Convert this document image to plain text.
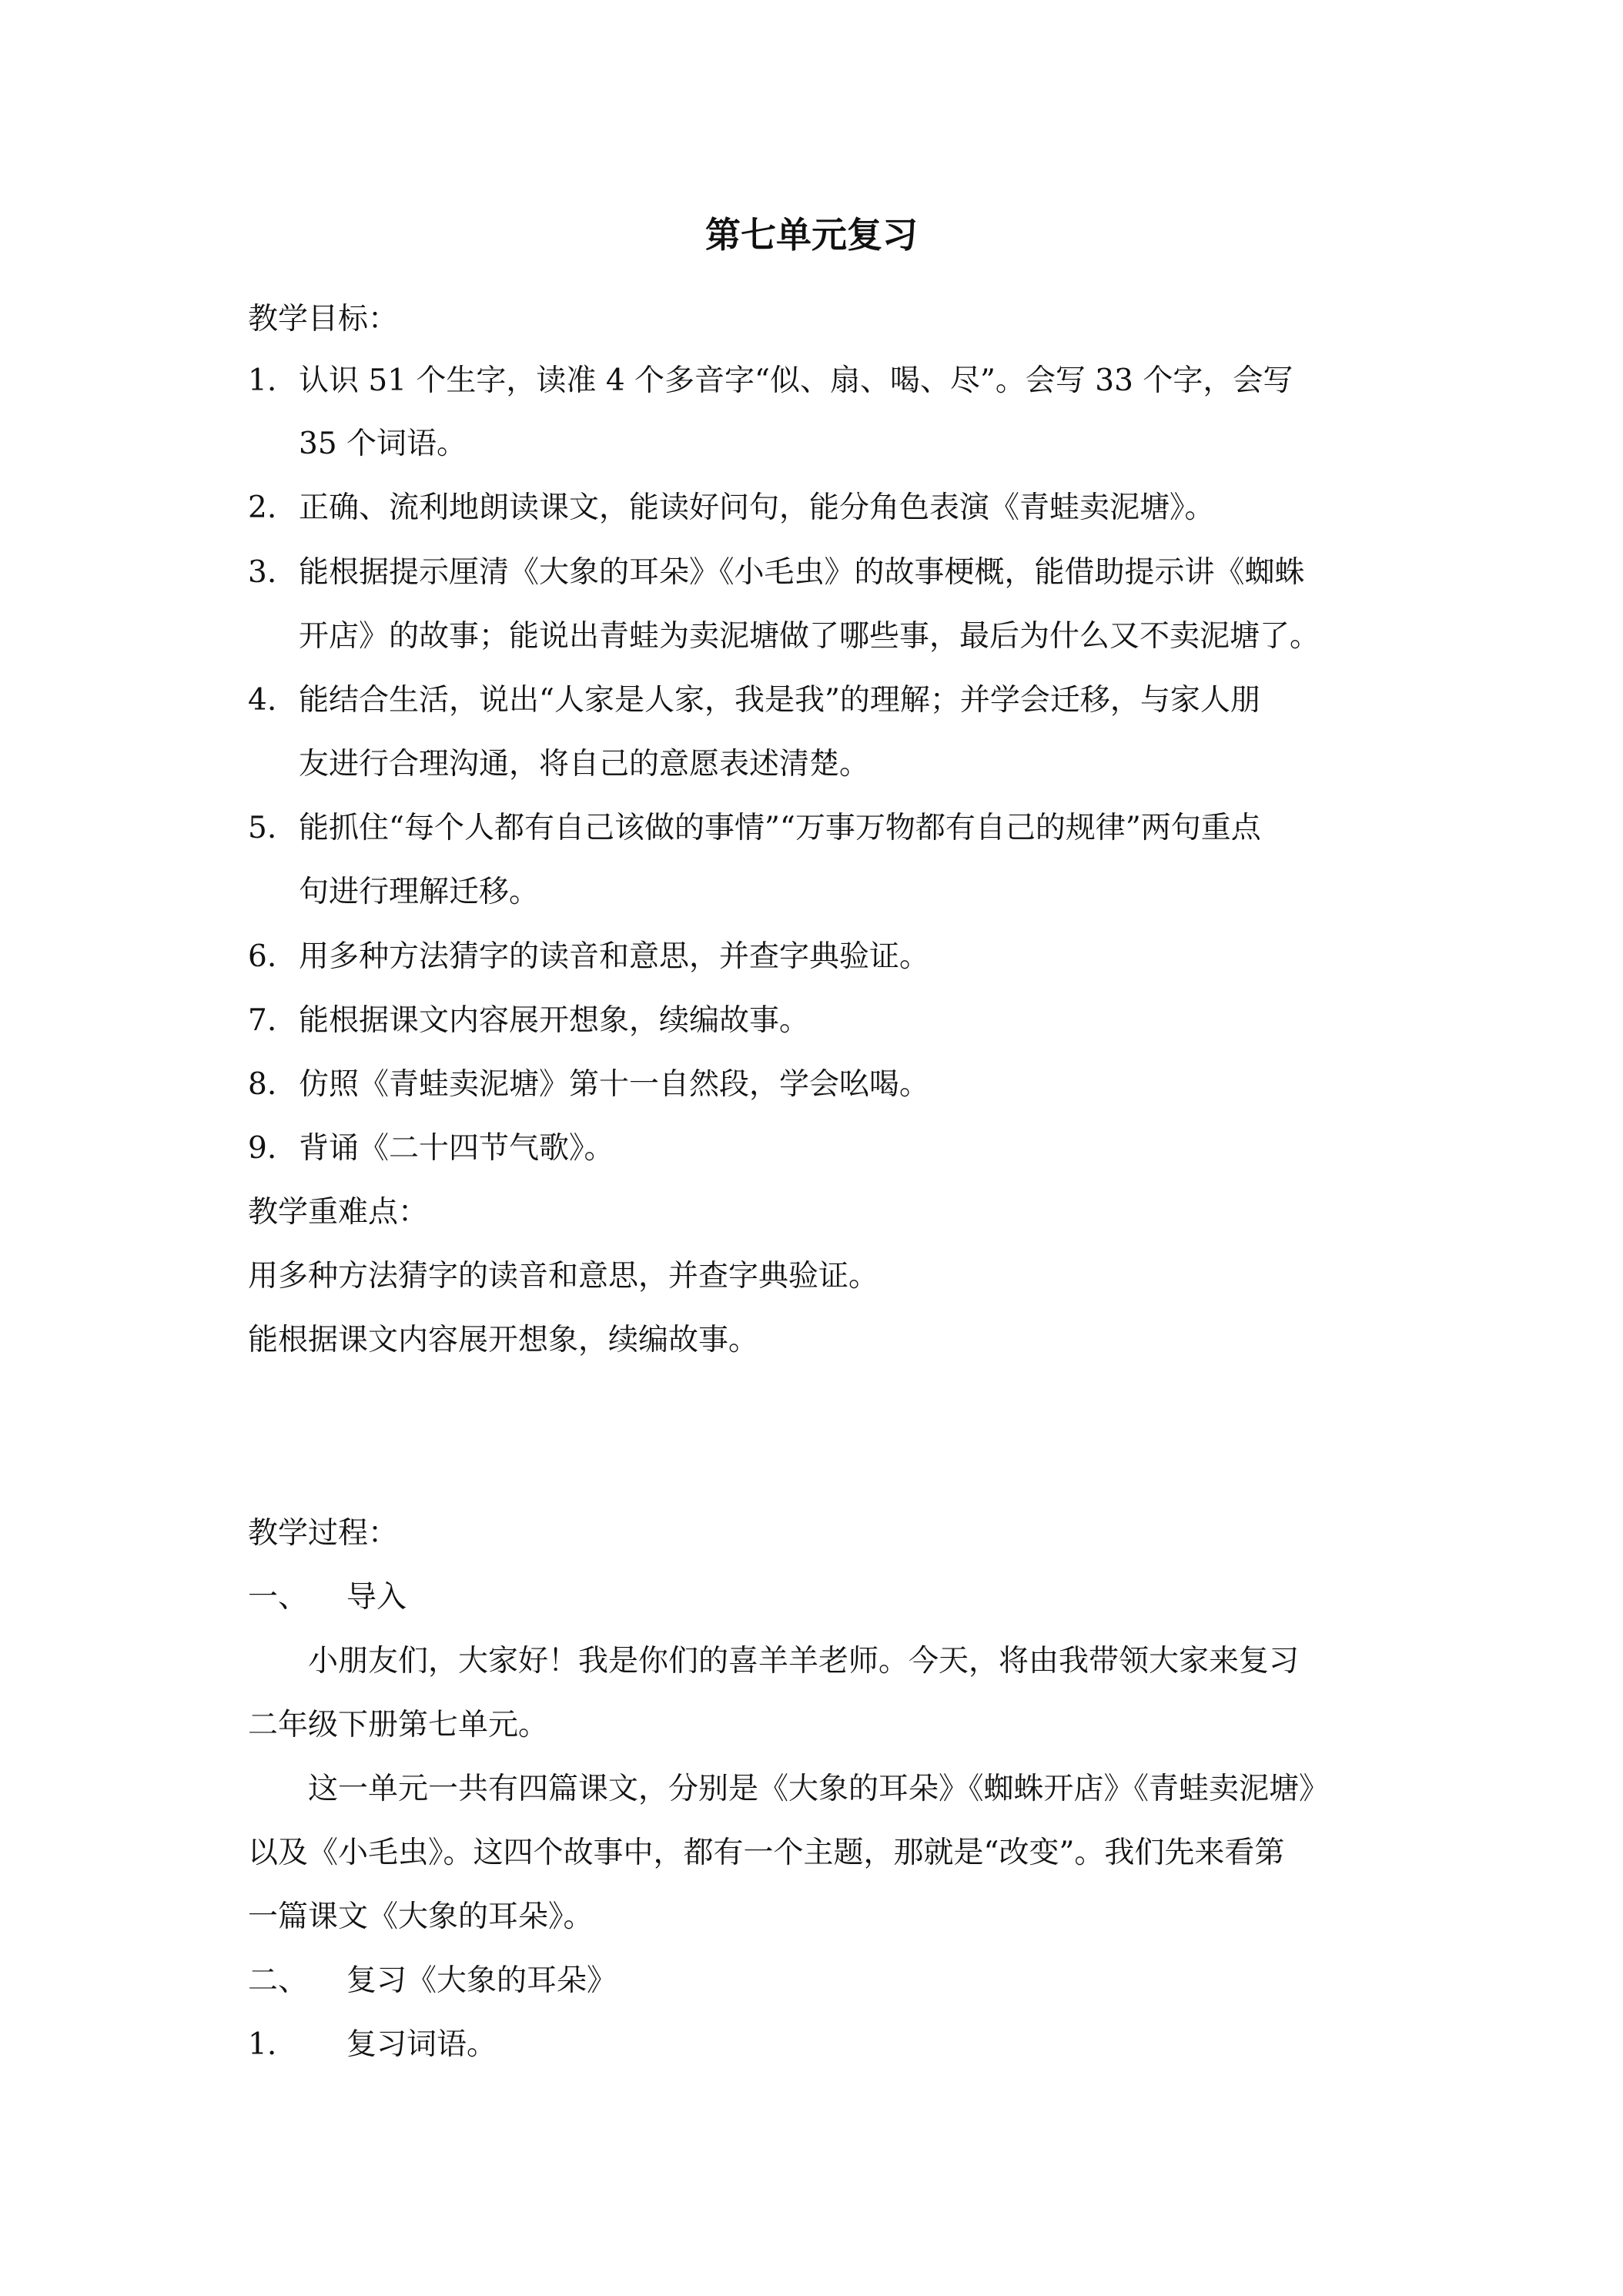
第七单元复习
教学目标：
1. 认识 51 个生字，读准 4 个多音字“似、扇、喝、尽”。会写 33 个字，会写
35 个词语。
2. 正确、流利地朗读课文，能读好问句，能分角色表演《青蛙卖泥塘》。
3. 能根据提示厘清《大象的耳朵》《小毛虫》的故事梗概，能借助提示讲《蜘蛛
开店》的故事；能说出青蛙为卖泥塘做了哪些事，最后为什么又不卖泥塘了。
4. 能结合生活，说出“人家是人家，我是我”的理解；并学会迁移，与家人朋
友进行合理沟通，将自己的意愿表述清楚。
5. 能抓住“每个人都有自己该做的事情”“万事万物都有自己的规律”两句重点
句进行理解迁移。
6. 用多种方法猜字的读音和意思，并查字典验证。
7. 能根据课文内容展开想象，续编故事。
8. 仿照《青蛙卖泥塘》第十一自然段，学会吆喝。
9. 背诵《二十四节气歌》。
教学重难点：
用多种方法猜字的读音和意思，并查字典验证。
能根据课文内容展开想象，续编故事。
教学过程：
一、 导入
小朋友们，大家好！我是你们的喜羊羊老师。今天，将由我带领大家来复习
二年级下册第七单元。
这一单元一共有四篇课文，分别是《大象的耳朵》《蜘蛛开店》《青蛙卖泥塘》
以及《小毛虫》。这四个故事中，都有一个主题，那就是“改变”。我们先来看第
一篇课文《大象的耳朵》。
二、 复习《大象的耳朵》
1. 复习词语。
